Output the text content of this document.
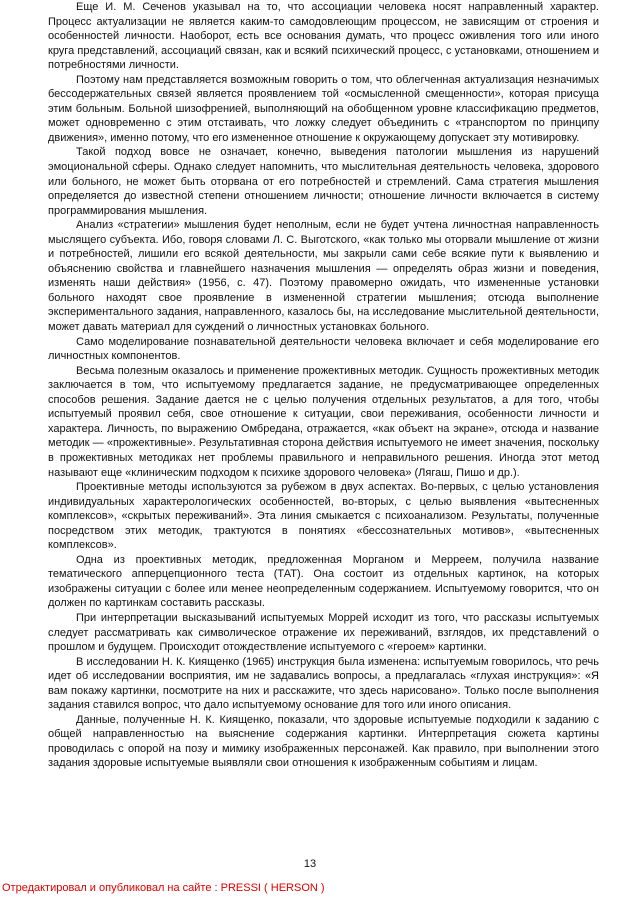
Еще И. М. Сеченов указывал на то, что ассоциации человека носят направленный характер. Процесс актуализации не является каким-то самодовлеющим процессом, не зависящим от строения и особенностей личности. Наоборот, есть все основания думать, что процесс оживления того или иного круга представлений, ассоциаций связан, как и всякий психический процесс, с установками, отношением и потребностями личности.

Поэтому нам представляется возможным говорить о том, что облегченная актуализация незначимых бессодержательных связей является проявлением той «осмысленной смещенности», которая присуща этим больным. Больной шизофренией, выполняющий на обобщенном уровне классификацию предметов, может одновременно с этим отстаивать, что ложку следует объединить с «транспортом по принципу движения», именно потому, что его измененное отношение к окружающему допускает эту мотивировку.

Такой подход вовсе не означает, конечно, выведения патологии мышления из нарушений эмоциональной сферы. Однако следует напомнить, что мыслительная деятельность человека, здорового или больного, не может быть оторвана от его потребностей и стремлений. Сама стратегия мышления определяется до известной степени отношением личности; отношение личности включается в систему программирования мышления.

Анализ «стратегии» мышления будет неполным, если не будет учтена личностная направленность мыслящего субъекта. Ибо, говоря словами Л. С. Выготского, «как только мы оторвали мышление от жизни и потребностей, лишили его всякой деятельности, мы закрыли сами себе всякие пути к выявлению и объяснению свойства и главнейшего назначения мышления — определять образ жизни и поведения, изменять наши действия» (1956, с. 47). Поэтому правомерно ожидать, что измененные установки больного находят свое проявление в измененной стратегии мышления; отсюда выполнение экспериментального задания, направленного, казалось бы, на исследование мыслительной деятельности, может давать материал для суждений о личностных установках больного.

Само моделирование познавательной деятельности человека включает и себя моделирование его личностных компонентов.

Весьма полезным оказалось и применение прожективных методик. Сущность прожективных методик заключается в том, что испытуемому предлагается задание, не предусматривающее определенных способов решения. Задание дается не с целью получения отдельных результатов, а для того, чтобы испытуемый проявил себя, свое отношение к ситуации, свои переживания, особенности личности и характера. Личность, по выражению Омбредана, отражается, «как объект на экране», отсюда и название методик — «прожективные». Результативная сторона действия испытуемого не имеет значения, поскольку в прожективных методиках нет проблемы правильного и неправильного решения. Иногда этот метод называют еще «клиническим подходом к психике здорового человека» (Лягаш, Пишо и др.).

Проективные методы используются за рубежом в двух аспектах. Во-первых, с целью установления индивидуальных характерологических особенностей, во-вторых, с целью выявления «вытесненных комплексов», «скрытых переживаний». Эта линия смыкается с психоанализом. Результаты, полученные посредством этих методик, трактуются в понятиях «бессознательных мотивов», «вытесненных комплексов».

Одна из проективных методик, предложенная Морганом и Мерреем, получила название тематического апперцепционного теста (ТАТ). Она состоит из отдельных картинок, на которых изображены ситуации с более или менее неопределенным содержанием. Испытуемому говорится, что он должен по картинкам составить рассказы.

При интерпретации высказываний испытуемых Моррей исходит из того, что рассказы испытуемых следует рассматривать как символическое отражение их переживаний, взглядов, их представлений о прошлом и будущем. Происходит отождествление испытуемого с «героем» картинки.

В исследовании Н. К. Киященко (1965) инструкция была изменена: испытуемым говорилось, что речь идет об исследовании восприятия, им не задавались вопросы, а предлагалась «глухая инструкция»: «Я вам покажу картинки, посмотрите на них и расскажите, что здесь нарисовано». Только после выполнения задания ставился вопрос, что дало испытуемому основание для того или иного описания.

Данные, полученные Н. К. Киященко, показали, что здоровые испытуемые подходили к заданию с общей направленностью на выяснение содержания картинки. Интерпретация сюжета картины проводилась с опорой на позу и мимику изображенных персонажей. Как правило, при выполнении этого задания здоровые испытуемые выявляли свои отношения к изображенным событиям и лицам.

13
Отредактировал и опубликовал на сайте : PRESSI ( HERSON )
